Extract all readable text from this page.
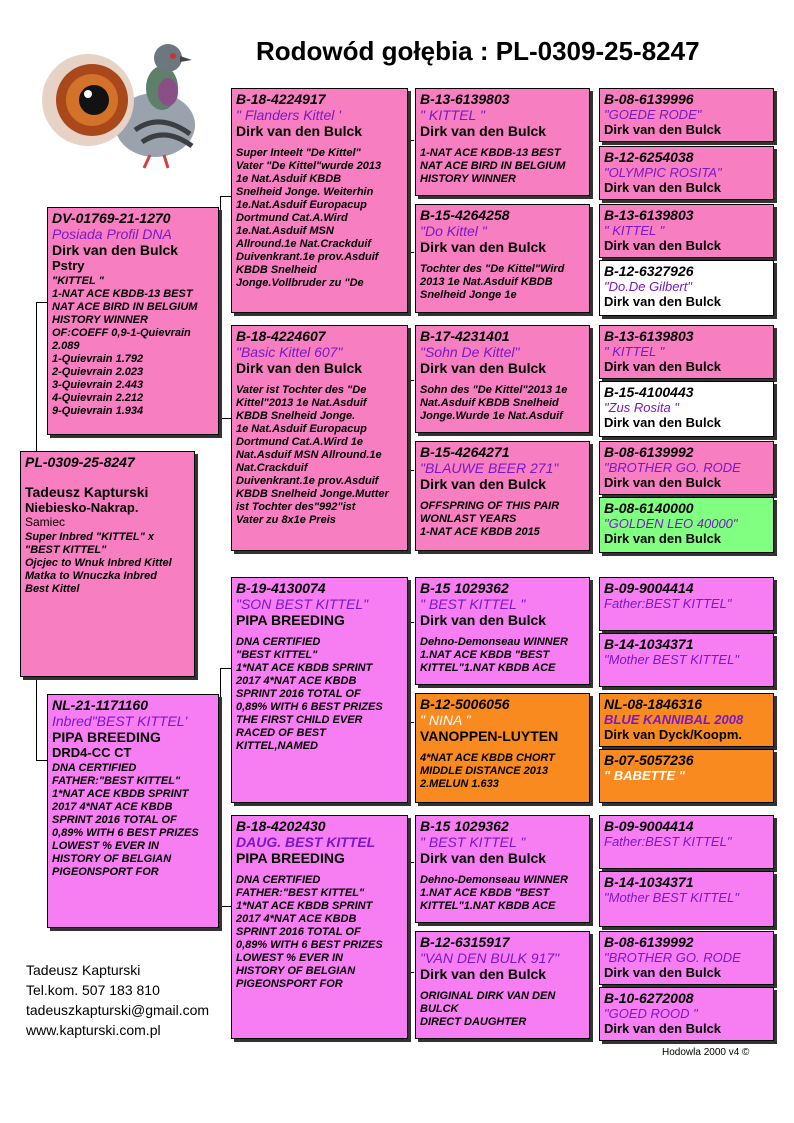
Rodowód gołębia : PL-0309-25-8247
PL-0309-25-8247
Tadeusz Kapturski
Niebiesko-Nakrap.
Samiec
Super Inbred "KITTEL" x
"BEST KITTEL"
Ojcjec to Wnuk Inbred Kittel
Matka to Wnuczka Inbred
Best Kittel
DV-01769-21-1270
Posiada Profil DNA
Dirk van den Bulck
Pstry
"KITTEL "
1-NAT ACE KBDB-13 BEST
NAT ACE BIRD IN BELGIUM
HISTORY WINNER
OF:COEFF 0,9-1-Quievrain
2.089
1-Quievrain 1.792
2-Quievrain 2.023
3-Quievrain 2.443
4-Quievrain 2.212
9-Quievrain 1.934
NL-21-1171160
Inbred"BEST KITTEL'
PIPA BREEDING
DRD4-CC CT
DNA CERTIFIED
FATHER:"BEST KITTEL"
1*NAT ACE KBDB SPRINT
2017 4*NAT ACE KBDB
SPRINT 2016 TOTAL OF
0,89% WITH 6 BEST PRIZES
LOWEST % EVER IN
HISTORY OF BELGIAN
PIGEONSPORT FOR
B-18-4224917
" Flanders Kittel '
Dirk van den Bulck
Super Inteelt "De Kittel"
Vater "De Kittel"wurde 2013
1e Nat.Asduif KBDB
Snelheid Jonge. Weiterhin
1e.Nat.Asduif Europacup
Dortmund Cat.A.Wird
1e.Nat.Asduif MSN
Allround.1e Nat.Crackduif
Duivenkrant.1e prov.Asduif
KBDB Snelheid
Jonge.Vollbruder zu "De
B-18-4224607
"Basic Kittel 607"
Dirk van den Bulck
Vater ist Tochter des "De
Kittel"2013 1e Nat.Asduif
KBDB Snelheid Jonge.
1e Nat.Asduif Europacup
Dortmund Cat.A.Wird 1e
Nat.Asduif MSN Allround.1e
Nat.Crackduif
Duivenkrant.1e prov.Asduif
KBDB Snelheid Jonge.Mutter
ist Tochter des"992"ist
Vater zu 8x1e Preis
B-19-4130074
"SON BEST KITTEL"
PIPA BREEDING
DNA CERTIFIED
"BEST KITTEL"
1*NAT ACE KBDB SPRINT
2017 4*NAT ACE KBDB
SPRINT 2016 TOTAL OF
0,89% WITH 6 BEST PRIZES
THE FIRST CHILD EVER
RACED OF BEST
KITTEL,NAMED
B-18-4202430
DAUG. BEST KITTEL
PIPA BREEDING
DNA CERTIFIED
FATHER:"BEST KITTEL"
1*NAT ACE KBDB SPRINT
2017 4*NAT ACE KBDB
SPRINT 2016 TOTAL OF
0,89% WITH 6 BEST PRIZES
LOWEST % EVER IN
HISTORY OF BELGIAN
PIGEONSPORT FOR
B-13-6139803
" KITTEL "
Dirk van den Bulck
1-NAT ACE KBDB-13 BEST
NAT ACE BIRD IN BELGIUM
HISTORY WINNER
B-15-4264258
"Do Kittel "
Dirk van den Bulck
Tochter des "De Kittel"Wird
2013 1e Nat.Asduif KBDB
Snelheid Jonge 1e
B-17-4231401
"Sohn De Kittel"
Dirk van den Bulck
Sohn des "De Kittel"2013 1e
Nat.Asduif KBDB Snelheid
Jonge.Wurde 1e Nat.Asduif
B-15-4264271
"BLAUWE BEER 271"
Dirk van den Bulck
OFFSPRING OF THIS PAIR
WONLAST YEARS
1-NAT ACE KBDB 2015
B-15 1029362
" BEST KITTEL "
Dirk van den Bulck
Dehno-Demonseau WINNER
1.NAT ACE KBDB "BEST
KITTEL"1.NAT KBDB ACE
B-12-5006056
" NINA "
VANOPPEN-LUYTEN
4*NAT ACE KBDB CHORT
MIDDLE DISTANCE 2013
2.MELUN 1.633
B-15 1029362
" BEST KITTEL "
Dirk van den Bulck
Dehno-Demonseau WINNER
1.NAT ACE KBDB "BEST
KITTEL"1.NAT KBDB ACE
B-12-6315917
"VAN DEN BULK 917"
Dirk van den Bulck
ORIGINAL DIRK VAN DEN
BULCK
DIRECT DAUGHTER
B-08-6139996
"GOEDE RODE"
Dirk van den Bulck
B-12-6254038
"OLYMPIC ROSITA"
Dirk van den Bulck
B-13-6139803
" KITTEL "
Dirk van den Bulck
B-12-6327926
"Do.De Gilbert"
Dirk van den Bulck
B-13-6139803
" KITTEL "
Dirk van den Bulck
B-15-4100443
"Zus Rosita "
Dirk van den Bulck
B-08-6139992
"BROTHER GO. RODE
Dirk van den Bulck
B-08-6140000
"GOLDEN LEO 40000"
Dirk van den Bulck
B-09-9004414
Father:BEST KITTEL"
B-14-1034371
"Mother BEST KITTEL"
NL-08-1846316
BLUE KANNIBAL 2008
Dirk van Dyck/Koopm.
B-07-5057236
" BABETTE "
B-09-9004414
Father:BEST KITTEL"
B-14-1034371
"Mother BEST KITTEL"
B-08-6139992
"BROTHER GO. RODE
Dirk van den Bulck
B-10-6272008
"GOED ROOD "
Dirk van den Bulck
Tadeusz Kapturski
Tel.kom. 507 183 810
tadeuszkapturski@gmail.com
www.kapturski.com.pl
Hodowla 2000 v4 ©
